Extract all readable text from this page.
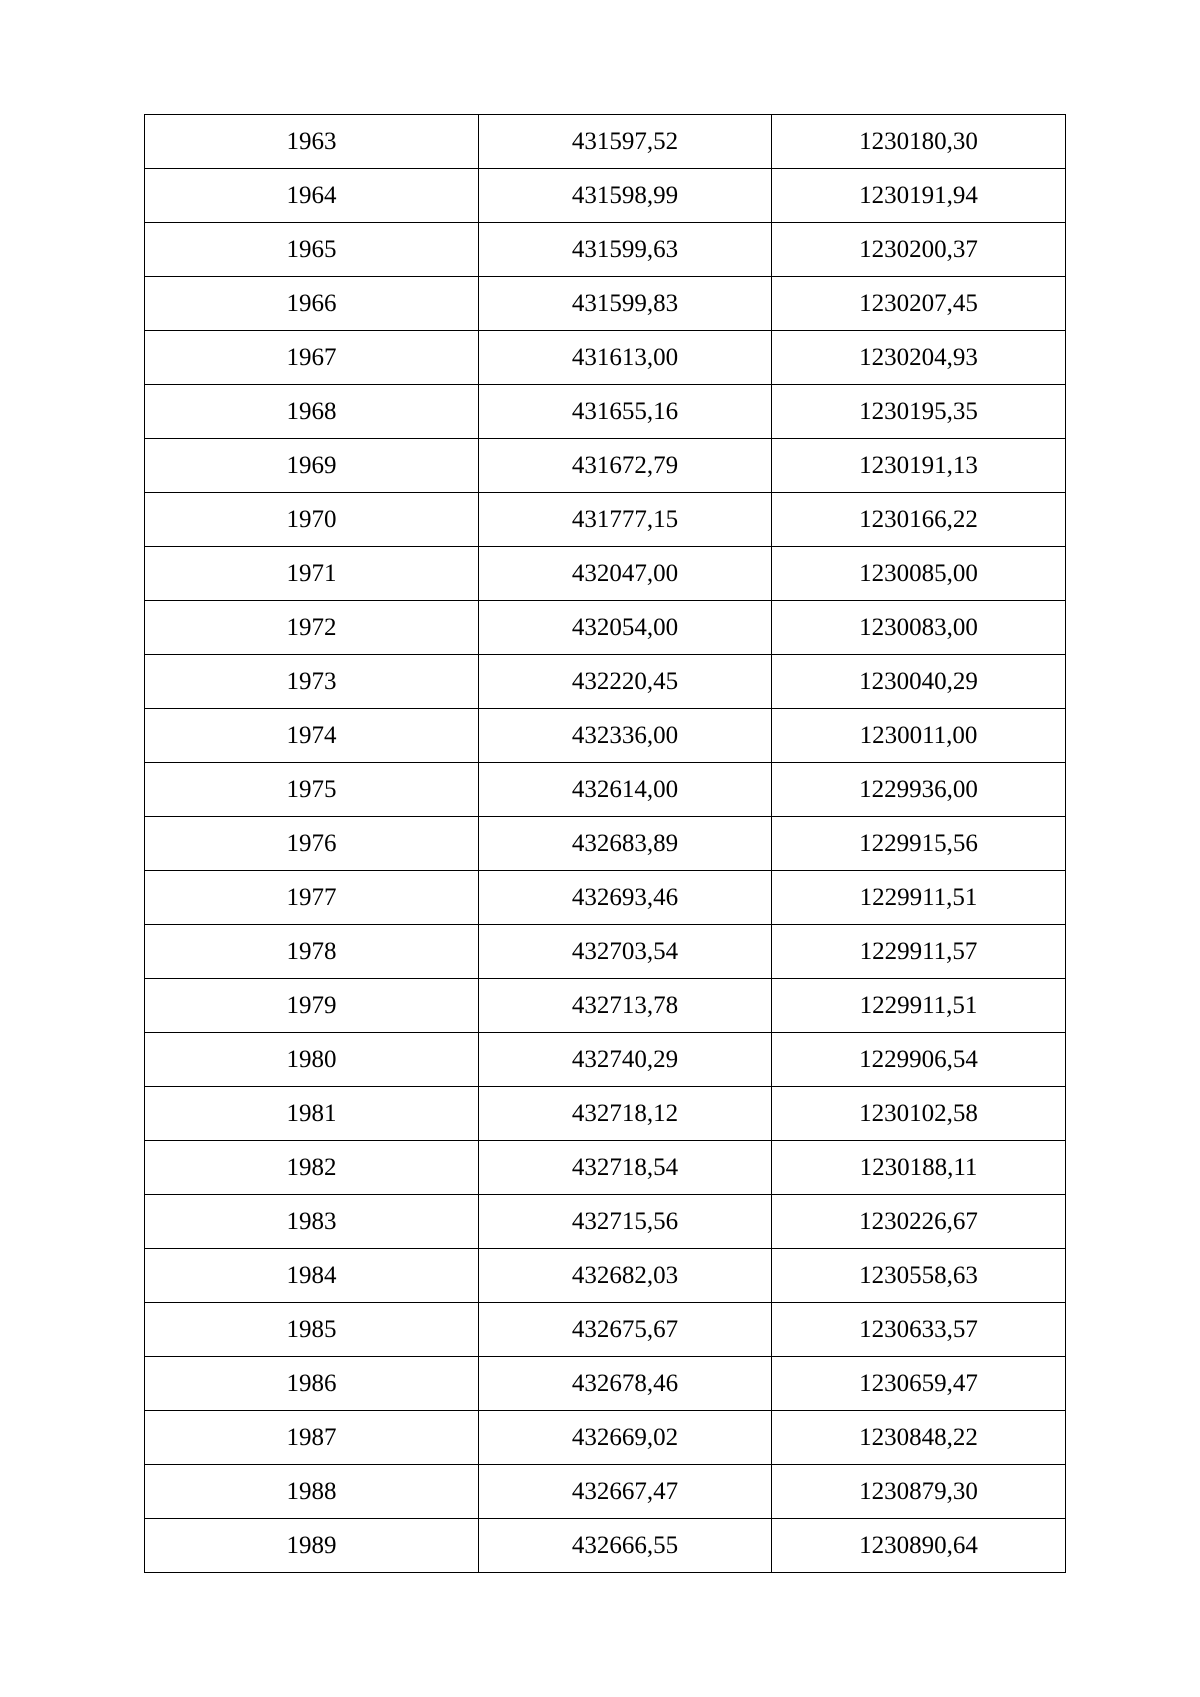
1963	431597,52	1230180,30
1964	431598,99	1230191,94
1965	431599,63	1230200,37
1966	431599,83	1230207,45
1967	431613,00	1230204,93
1968	431655,16	1230195,35
1969	431672,79	1230191,13
1970	431777,15	1230166,22
1971	432047,00	1230085,00
1972	432054,00	1230083,00
1973	432220,45	1230040,29
1974	432336,00	1230011,00
1975	432614,00	1229936,00
1976	432683,89	1229915,56
1977	432693,46	1229911,51
1978	432703,54	1229911,57
1979	432713,78	1229911,51
1980	432740,29	1229906,54
1981	432718,12	1230102,58
1982	432718,54	1230188,11
1983	432715,56	1230226,67
1984	432682,03	1230558,63
1985	432675,67	1230633,57
1986	432678,46	1230659,47
1987	432669,02	1230848,22
1988	432667,47	1230879,30
1989	432666,55	1230890,64
